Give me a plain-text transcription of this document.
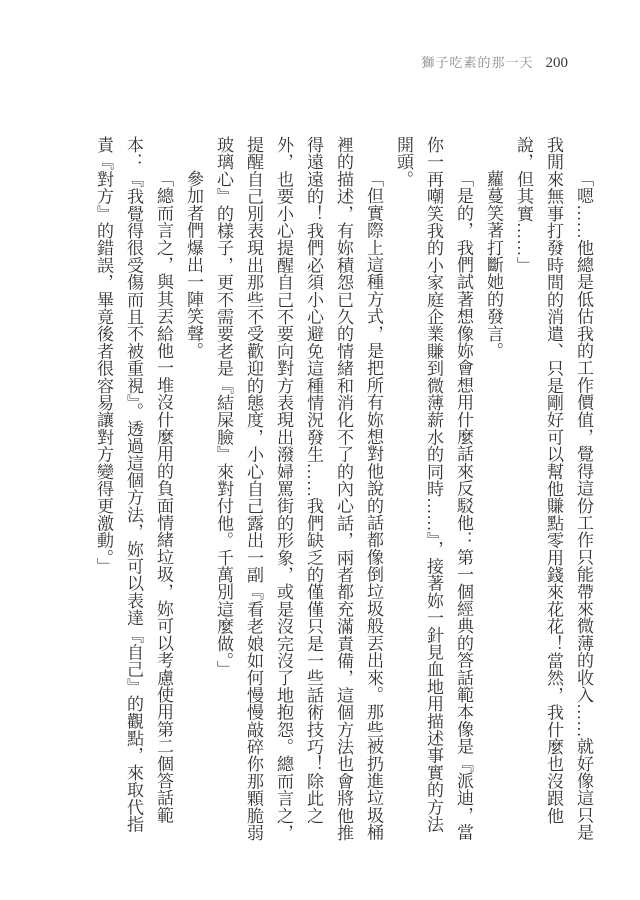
獅子吃素的那一天 200

「嗯……他總是低估我的工作價值，覺得這份工作只能帶來微薄的收入……就好像這只是我閒來無事打發時間的消遣、只是剛好可以幫他賺點零用錢來花花！當然，我什麼也沒跟他說，但其實……」

蘿蔓笑著打斷她的發言。

「是的，我們試著想像妳會想用什麼話來反駁他：第一個經典的答話範本像是『派迪，當你一再嘲笑我的小家庭企業賺到微薄薪水的同時……』，接著妳一針見血地用描述事實的方法開頭。

「但實際上這種方式，是把所有妳想對他說的話都像倒垃圾般丟出來。那些被扔進垃圾桶裡的描述，有妳積怨已久的情緒和消化不了的內心話，兩者都充滿責備，這個方法也會將他推得遠遠的！我們必須小心避免這種情況發生……我們缺乏的僅僅只是一些話術技巧！除此之外，也要小心提醒自己不要向對方表現出潑婦罵街的形象，或是沒完沒了地抱怨。總而言之，提醒自己別表現出那些不受歡迎的態度，小心自己露出一副『看老娘如何慢慢敲碎你那顆脆弱玻璃心』的樣子，更不需要老是『結屎臉』來對付他。千萬別這麼做。」

參加者們爆出一陣笑聲。

「總而言之，與其丟給他一堆沒什麼用的負面情緒垃圾，妳可以考慮使用第二個答話範本：『我覺得很受傷而且不被重視』。透過這個方法，妳可以表達『自己』的觀點，來取代指責『對方』的錯誤，畢竟後者很容易讓對方變得更激動。」
